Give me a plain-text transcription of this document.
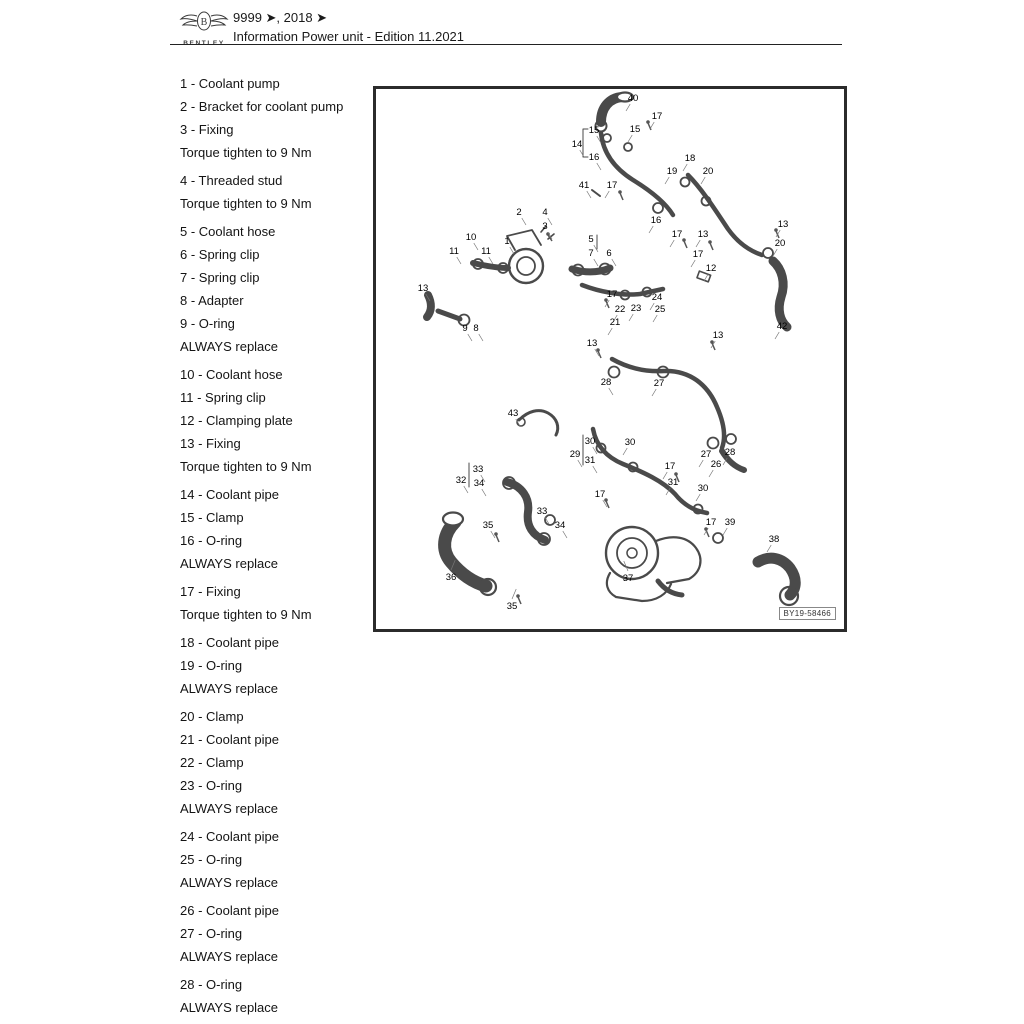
B
BENTLEY
9999 ➤, 2018 ➤
Information Power unit - Edition 11.2021
1 - Coolant pump
2 - Bracket for coolant pump
3 - Fixing
Torque tighten to 9 Nm
4 - Threaded stud
Torque tighten to 9 Nm
5 - Coolant hose
6 - Spring clip
7 - Spring clip
8 - Adapter
9 - O-ring
ALWAYS replace
10 - Coolant hose
11 - Spring clip
12 - Clamping plate
13 - Fixing
Torque tighten to 9 Nm
14 - Coolant pipe
15 - Clamp
16 - O-ring
ALWAYS replace
17 - Fixing
Torque tighten to 9 Nm
18 - Coolant pipe
19 - O-ring
ALWAYS replace
20 - Clamp
21 - Coolant pipe
22 - Clamp
23 - O-ring
ALWAYS replace
24 - Coolant pipe
25 - O-ring
ALWAYS replace
26 - Coolant pipe
27 - O-ring
ALWAYS replace
28 - O-ring
ALWAYS replace
40
17
15	15
14
16	18
19	20
41 17
16
17 13
13
20
2 4
3
1
10
11 11
5
7 6	17
12
13
9 8
17	24
25
23
22
21	42
13
13
28	27
27 28
26
43
30	30
29
31
17
31
30
32
33
34
35
33
34
17
17 39
36	37
38
35
BY19-58466
